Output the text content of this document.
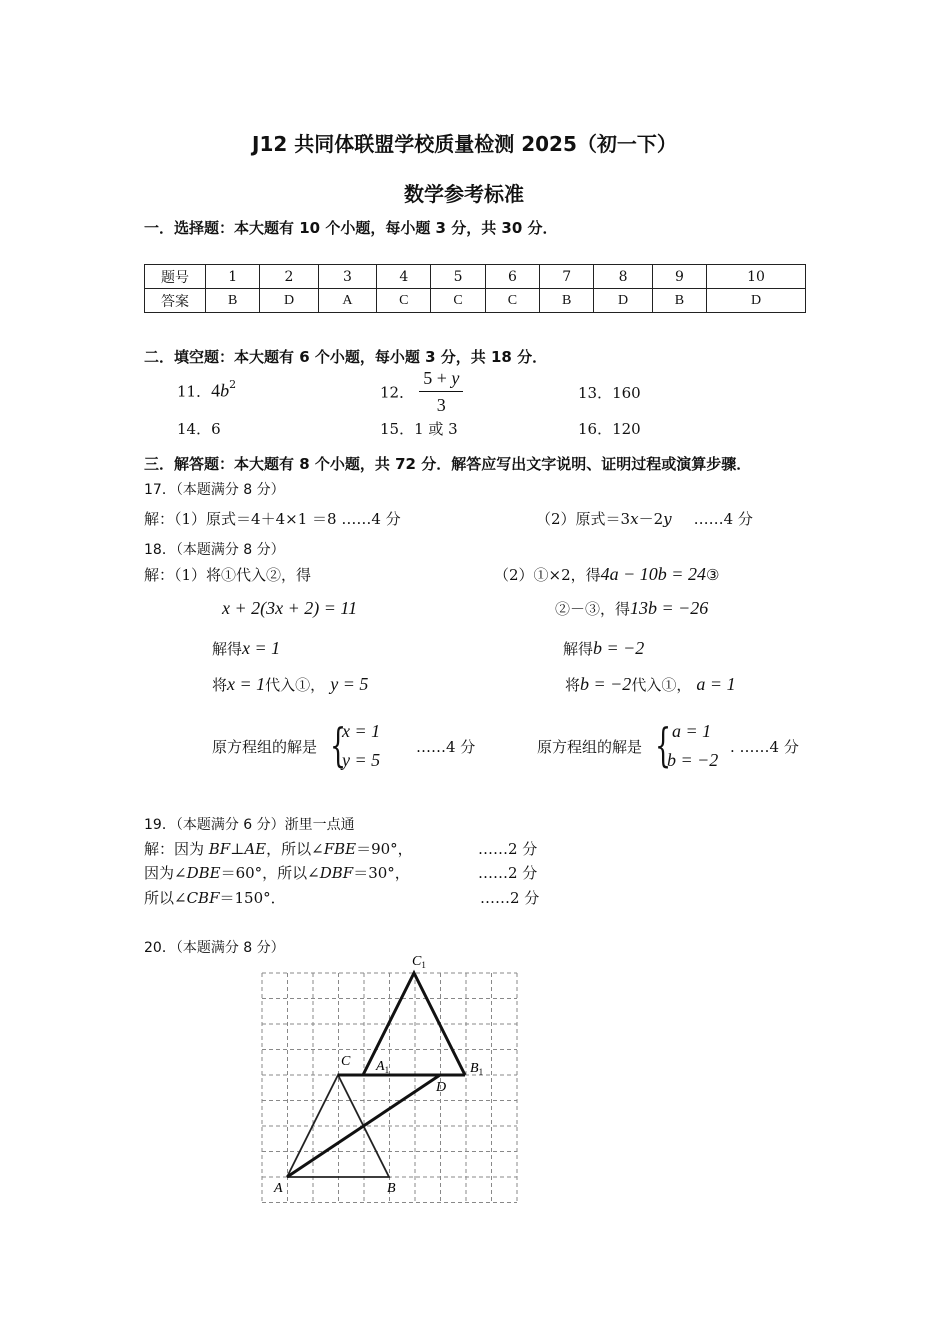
J12 共同体联盟学校质量检测 2025（初一下）
数学参考标准
一．选择题：本大题有 10 个小题，每小题 3 分，共 30 分．
题号	1	2	3	4	5	6	7	8	9	10
答案	B	D	A	C	C	C	B	D	B	D
二．填空题：本大题有 6 个小题，每小题 3 分，共 18 分．
11．$4b^2$	12． $\frac{5 + y}{3}$	13．160
14．6	15．1 或 3	16．120
三．解答题：本大题有 8 个小题，共 72 分．解答应写出文字说明、证明过程或演算步骤．
17．（本题满分 8 分）
解：（1）原式＝4＋4×1 ＝8 ……4 分	（2）原式＝3x－2y ……4 分
18．（本题满分 8 分）
解：（1）将①代入②，得
x + 2(3x + 2) = 11
解得x = 1
将x = 1代入①， y = 5
原方程组的解是 {
x = 1
y = 5
……4 分
（2）①×2，得4a − 10b = 24③
②－③，得13b = −26
解得b = −2
将b = −2代入①， a = 1
原方程组的解是 { a = 1
b = −2
. ……4 分
19．（本题满分 6 分）浙里一点通
解：因为 BF⊥AE，所以∠FBE＝90°，	……2 分
因为∠DBE＝60°，所以∠DBF＝30°，	……2 分
所以∠CBF＝150°．	……2 分
20．（本题满分 8 分）
$C_1$
$A_1$	$B_1$
C
D
A	B
